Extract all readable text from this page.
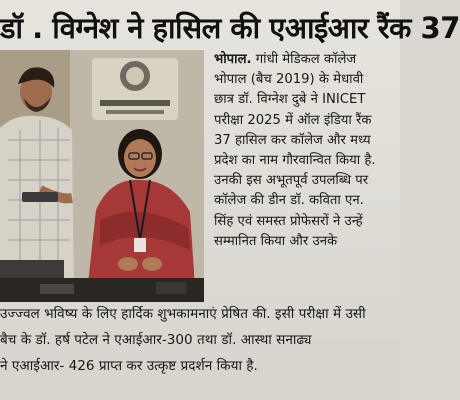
डॉ . विग्नेश ने हासिल की एआईआर रैंक 37
भोपाल. गांधी मेडिकल कॉलेज
भोपाल (बैच 2019) के मेधावी
छात्र डॉ. विग्नेश दुबे ने INICET
परीक्षा 2025 में ऑल इंडिया रैंक
37 हासिल कर कॉलेज और मध्य
प्रदेश का नाम गौरवान्वित किया है.
उनकी इस अभूतपूर्व उपलब्धि पर
कॉलेज की डीन डॉ. कविता एन.
सिंह एवं समस्त प्रोफेसरों ने उन्हें
सम्मानित किया और उनके
उज्ज्वल भविष्य के लिए हार्दिक शुभकामनाएं प्रेषित की. इसी परीक्षा में उसी
बैच के डॉ. हर्ष पटेल ने एआईआर-300 तथा डॉ. आस्था सनाढ्य
ने एआईआर- 426 प्राप्त कर उत्कृष्ट प्रदर्शन किया है.
